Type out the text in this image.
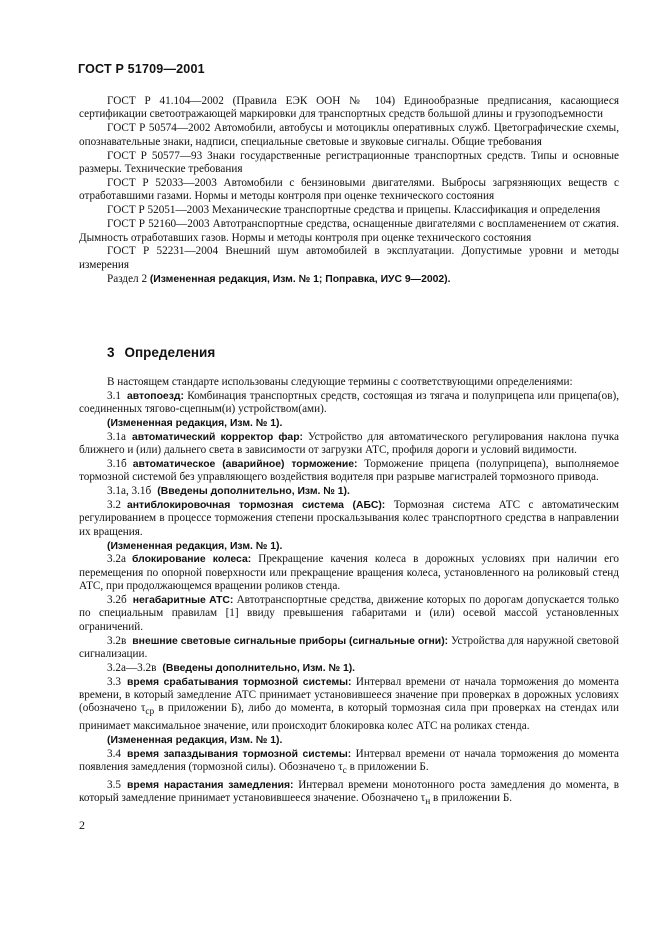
ГОСТ Р 51709—2001

ГОСТ Р 41.104—2002 (Правила ЕЭК ООН № 104) Единообразные предписания, касающиеся сертификации светоотражающей маркировки для транспортных средств большой длины и грузоподъемности

ГОСТ Р 50574—2002 Автомобили, автобусы и мотоциклы оперативных служб. Цветографические схемы, опознавательные знаки, надписи, специальные световые и звуковые сигналы. Общие требования

ГОСТ Р 50577—93 Знаки государственные регистрационные транспортных средств. Типы и основные размеры. Технические требования

ГОСТ Р 52033—2003 Автомобили с бензиновыми двигателями. Выбросы загрязняющих веществ с отработавшими газами. Нормы и методы контроля при оценке технического состояния

ГОСТ Р 52051—2003 Механические транспортные средства и прицепы. Классификация и определения

ГОСТ Р 52160—2003 Автотранспортные средства, оснащенные двигателями с воспламенением от сжатия. Дымность отработавших газов. Нормы и методы контроля при оценке технического состояния

ГОСТ Р 52231—2004 Внешний шум автомобилей в эксплуатации. Допустимые уровни и методы измерения

Раздел 2 (Измененная редакция, Изм. № 1; Поправка, ИУС 9—2002).

3 Определения

В настоящем стандарте использованы следующие термины с соответствующими определениями:

3.1 автопоезд: Комбинация транспортных средств, состоящая из тягача и полуприцепа или прицепа(ов), соединенных тягово-сцепным(и) устройством(ами).

(Измененная редакция, Изм. № 1).

3.1а автоматический корректор фар: Устройство для автоматического регулирования наклона пучка ближнего и (или) дальнего света в зависимости от загрузки АТС, профиля дороги и условий видимости.

3.1б автоматическое (аварийное) торможение: Торможение прицепа (полуприцепа), выполняемое тормозной системой без управляющего воздействия водителя при разрыве магистралей тормозного привода.

3.1а, 3.1б (Введены дополнительно, Изм. № 1).

3.2 антиблокировочная тормозная система (АБС): Тормозная система АТС с автоматическим регулированием в процессе торможения степени проскальзывания колес транспортного средства в направлении их вращения.

(Измененная редакция, Изм. № 1).

3.2а блокирование колеса: Прекращение качения колеса в дорожных условиях при наличии его перемещения по опорной поверхности или прекращение вращения колеса, установленного на роликовый стенд АТС, при продолжающемся вращении роликов стенда.

3.2б негабаритные АТС: Автотранспортные средства, движение которых по дорогам допускается только по специальным правилам [1] ввиду превышения габаритами и (или) осевой массой установленных ограничений.

3.2в внешние световые сигнальные приборы (сигнальные огни): Устройства для наружной световой сигнализации.

3.2а—3.2в (Введены дополнительно, Изм. № 1).

3.3 время срабатывания тормозной системы: Интервал времени от начала торможения до момента времени, в который замедление АТС принимает установившееся значение при проверках в дорожных условиях (обозначено $\tau_{ср}$ в приложении Б), либо до момента, в который тормозная сила при проверках на стендах или принимает максимальное значение, или происходит блокировка колес АТС на роликах стенда.

(Измененная редакция, Изм. № 1).

3.4 время запаздывания тормозной системы: Интервал времени от начала торможения до момента появления замедления (тормозной силы). Обозначено $\tau_с$ в приложении Б.

3.5 время нарастания замедления: Интервал времени монотонного роста замедления до момента, в который замедление принимает установившееся значение. Обозначено $\tau_н$ в приложении Б.

2
